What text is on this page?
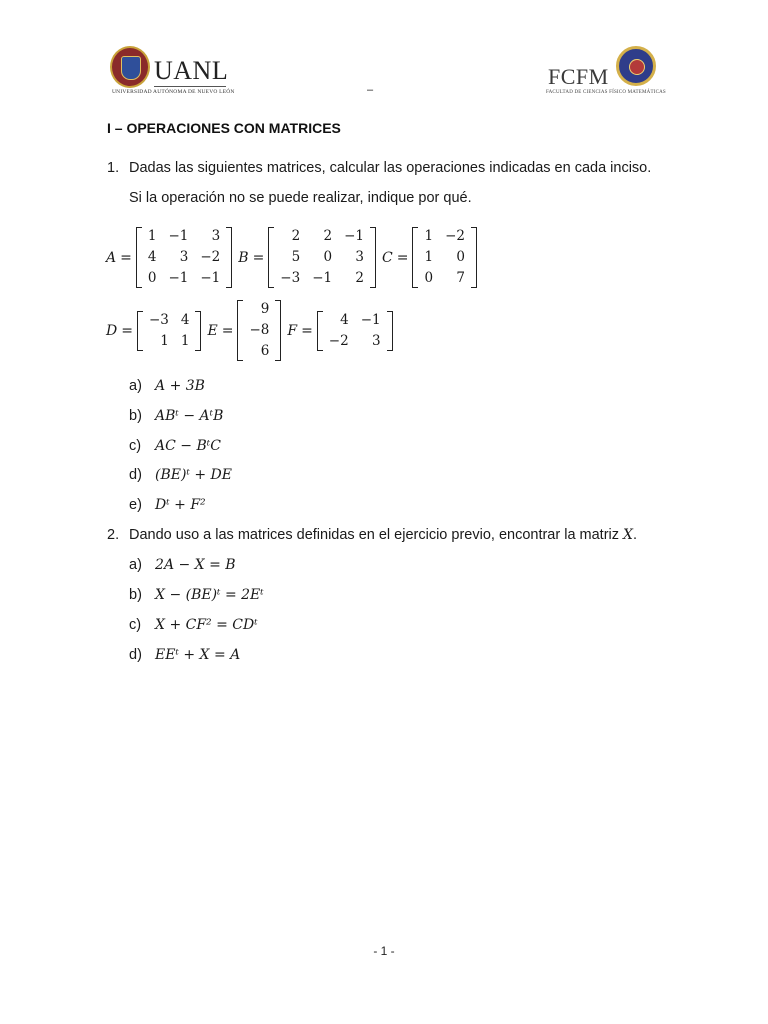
UANL
UNIVERSIDAD AUTÓNOMA DE NUEVO LEÓN	–
FCFM
FACULTAD DE CIENCIAS FÍSICO MATEMÁTICAS
I – OPERACIONES CON MATRICES
1. Dadas las siguientes matrices, calcular las operaciones indicadas en cada inciso.
Si la operación no se puede realizar, indique por qué.
A =
1 −1	3
4	3 −2
0 −1 −1
B =
2	2 −1
5	0	3
−3 −1	2
C =
1 −2
1	0
0	7
D =
−3 4
1 1
E =
9
−8
6
F =
4 −1
−2	3
a) A + 3B
b) ABᵗ − AᵗB
c) AC − BᵗC
d) (BE)ᵗ + DE
e) Dᵗ + F²
2. Dando uso a las matrices definidas en el ejercicio previo, encontrar la matriz X.
a) 2A − X = B
b) X − (BE)ᵗ = 2Eᵗ
c) X + CF² = CDᵗ
d) EEᵗ + X = A
- 1 -
